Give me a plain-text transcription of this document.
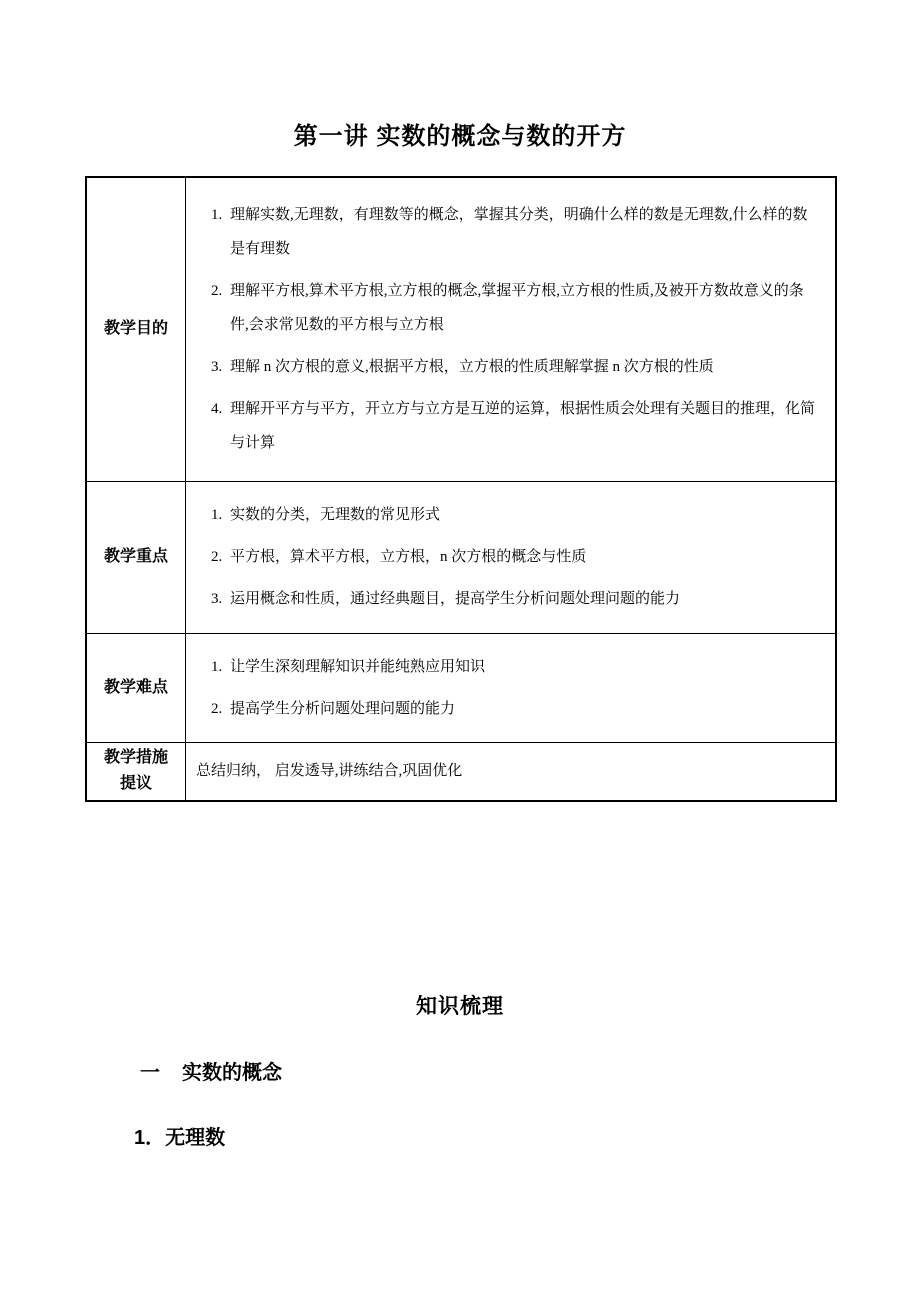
第一讲 实数的概念与数的开方
教学目的	
1. 理解实数,无理数，有理数等的概念，掌握其分类，明确什么样的数是无理数,什么样的数是有理数
2. 理解平方根,算术平方根,立方根的概念,掌握平方根,立方根的性质,及被开方数故意义的条件,会求常见数的平方根与立方根
3. 理解 n 次方根的意义,根据平方根，立方根的性质理解掌握 n 次方根的性质
4. 理解开平方与平方，开立方与立方是互逆的运算，根据性质会处理有关题目的推理，化简与计算

教学重点	
1. 实数的分类，无理数的常见形式
2. 平方根，算术平方根，立方根，n 次方根的概念与性质
3. 运用概念和性质，通过经典题目，提高学生分析问题处理问题的能力

教学难点	
1. 让学生深刻理解知识并能纯熟应用知识
2. 提高学生分析问题处理问题的能力

教学措施
提议	总结归纳， 启发透导,讲练结合,巩固优化
知识梳理
一 实数的概念
1．无理数
